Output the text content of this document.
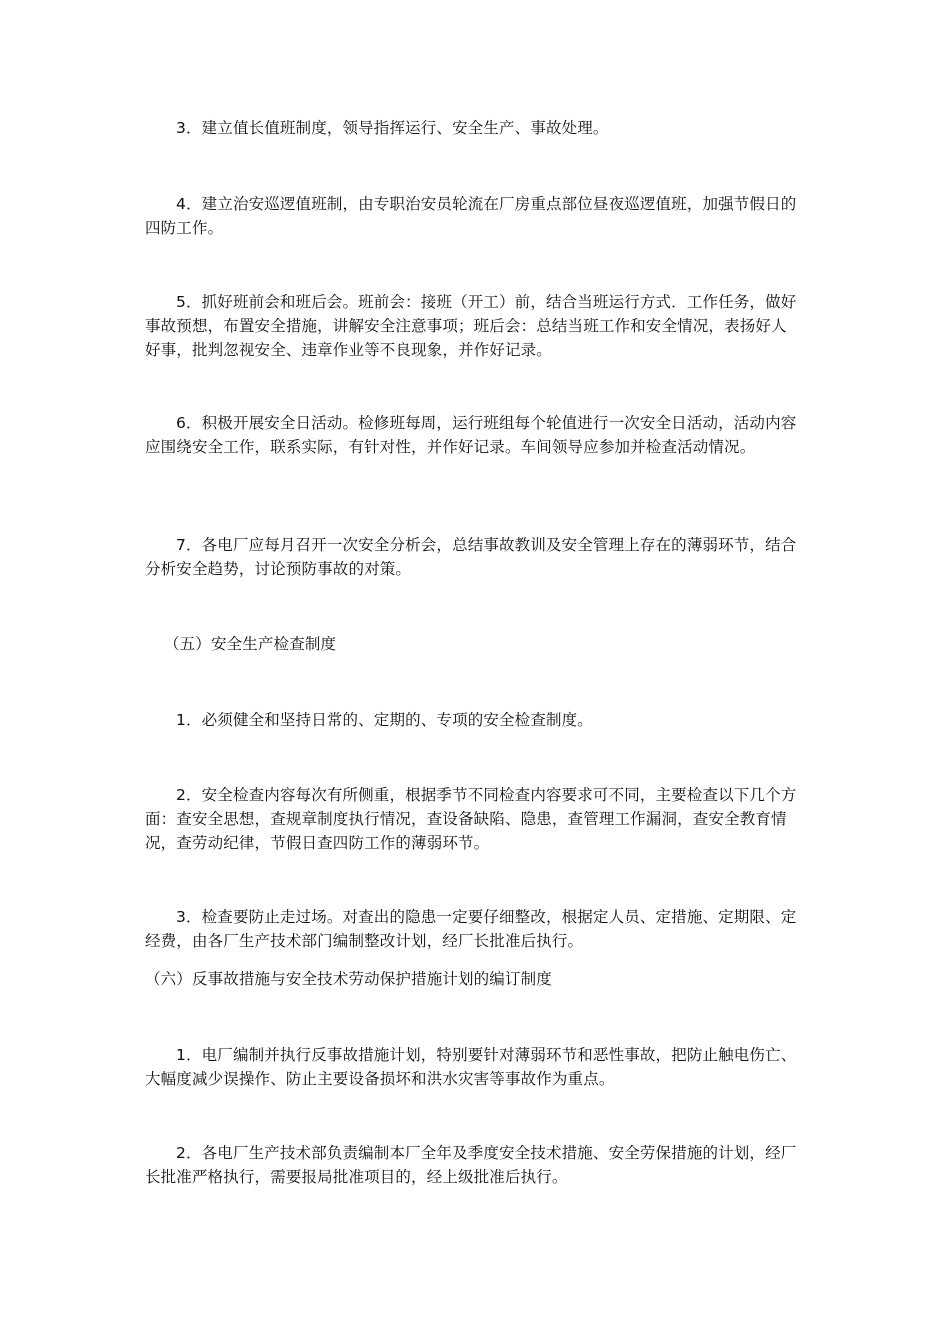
3．建立值长值班制度，领导指挥运行、安全生产、事故处理。

4．建立治安巡逻值班制，由专职治安员轮流在厂房重点部位昼夜巡逻值班，加强节假日的四防工作。

5．抓好班前会和班后会。班前会：接班（开工）前，结合当班运行方式．工作任务，做好事故预想，布置安全措施，讲解安全注意事项；班后会：总结当班工作和安全情况，表扬好人好事，批判忽视安全、违章作业等不良现象，并作好记录。

6．积极开展安全日活动。检修班每周，运行班组每个轮值进行一次安全日活动，活动内容应围绕安全工作，联系实际，有针对性，并作好记录。车间领导应参加并检查活动情况。

7．各电厂应每月召开一次安全分析会，总结事故教训及安全管理上存在的薄弱环节，结合分析安全趋势，讨论预防事故的对策。

（五）安全生产检查制度

1．必须健全和坚持日常的、定期的、专项的安全检查制度。

2．安全检查内容每次有所侧重，根据季节不同检查内容要求可不同，主要检查以下几个方面：查安全思想，查规章制度执行情况，查设备缺陷、隐患，查管理工作漏洞，查安全教育情况，查劳动纪律，节假日查四防工作的薄弱环节。

3．检查要防止走过场。对查出的隐患一定要仔细整改，根据定人员、定措施、定期限、定经费，由各厂生产技术部门编制整改计划，经厂长批准后执行。

（六）反事故措施与安全技术劳动保护措施计划的编订制度

1．电厂编制并执行反事故措施计划，特别要针对薄弱环节和恶性事故，把防止触电伤亡、大幅度减少误操作、防止主要设备损坏和洪水灾害等事故作为重点。

2．各电厂生产技术部负责编制本厂全年及季度安全技术措施、安全劳保措施的计划，经厂长批准严格执行，需要报局批准项目的，经上级批准后执行。
